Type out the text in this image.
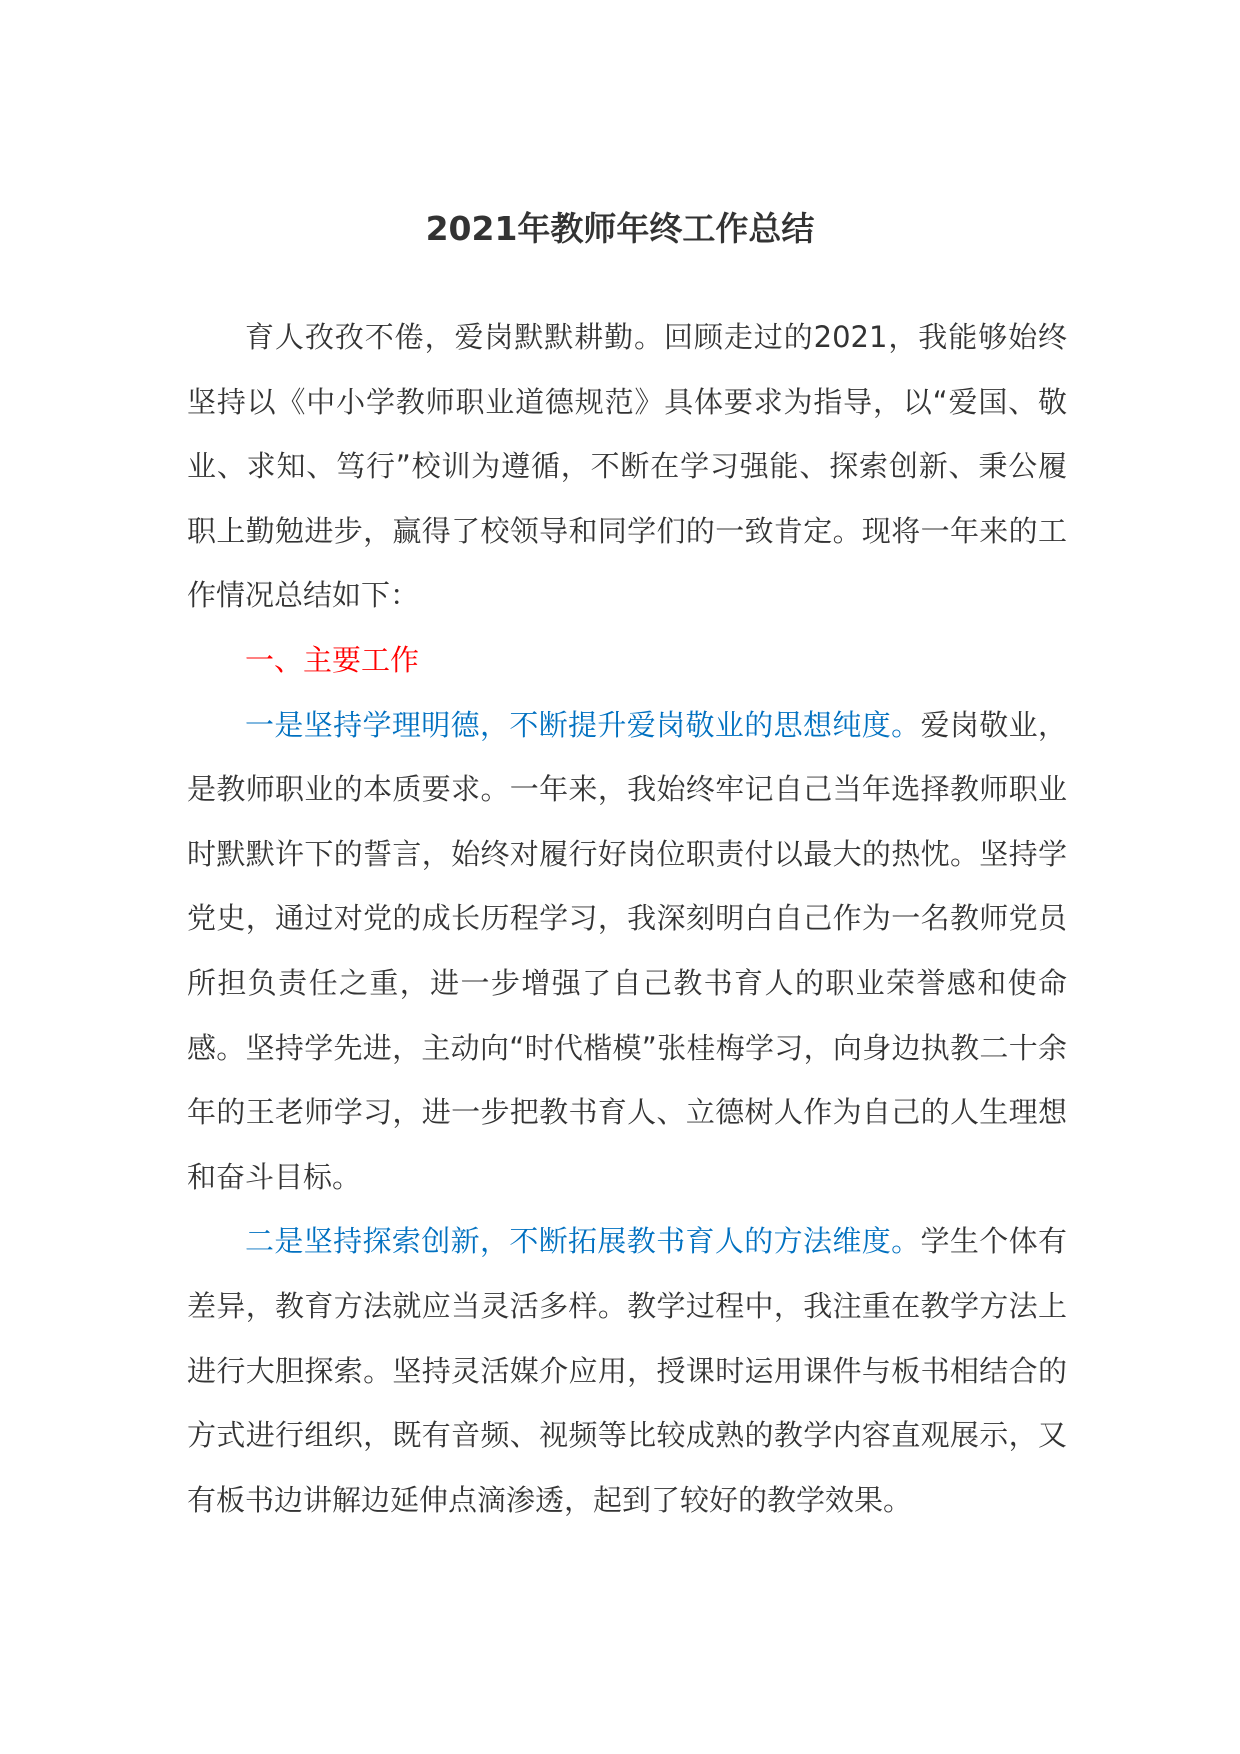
2021年教师年终工作总结

育人孜孜不倦，爱岗默默耕勤。回顾走过的2021，我能够始终坚持以《中小学教师职业道德规范》具体要求为指导，以“爱国、敬业、求知、笃行”校训为遵循，不断在学习强能、探索创新、秉公履职上勤勉进步，赢得了校领导和同学们的一致肯定。现将一年来的工作情况总结如下：

一、主要工作

一是坚持学理明德，不断提升爱岗敬业的思想纯度。爱岗敬业，是教师职业的本质要求。一年来，我始终牢记自己当年选择教师职业时默默许下的誓言，始终对履行好岗位职责付以最大的热忱。坚持学党史，通过对党的成长历程学习，我深刻明白自己作为一名教师党员所担负责任之重，进一步增强了自己教书育人的职业荣誉感和使命感。坚持学先进，主动向“时代楷模”张桂梅学习，向身边执教二十余年的王老师学习，进一步把教书育人、立德树人作为自己的人生理想和奋斗目标。

二是坚持探索创新，不断拓展教书育人的方法维度。学生个体有差异，教育方法就应当灵活多样。教学过程中，我注重在教学方法上进行大胆探索。坚持灵活媒介应用，授课时运用课件与板书相结合的方式进行组织，既有音频、视频等比较成熟的教学内容直观展示，又有板书边讲解边延伸点滴渗透，起到了较好的教学效果。
